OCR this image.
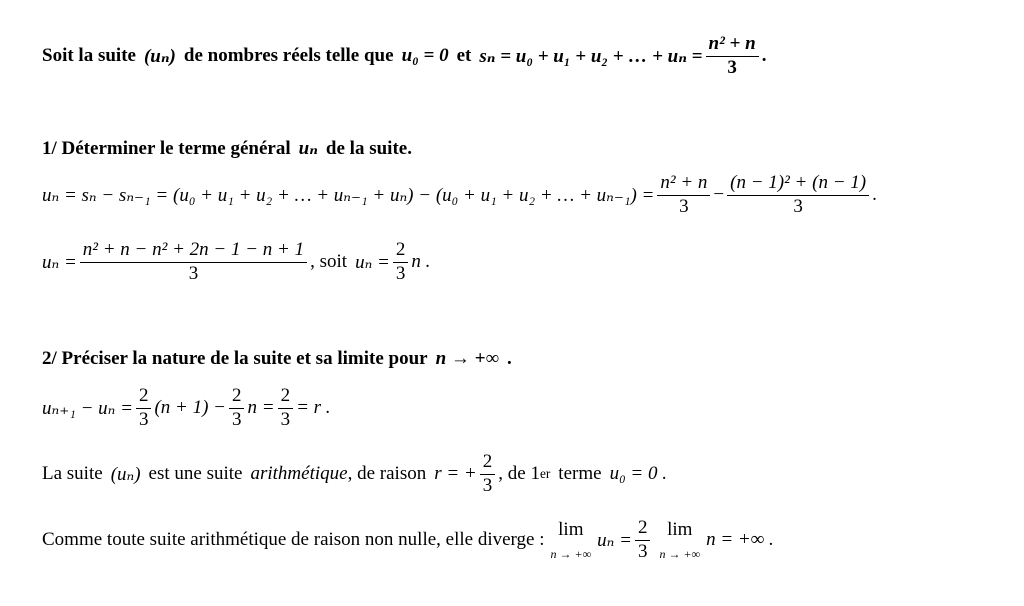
Soit la suite (uₙ) de nombres réels telle que u₀ = 0 et sₙ = u₀ + u₁ + u₂ + … + $u_n = \frac{\text{n² + n}}{3}$ .
1/ Déterminer le terme général uₙ de la suite.
uₙ = sₙ − sₙ₋₁ = (u₀ + u₁ + u₂ + … + uₙ₋₁ + uₙ) − (u₀ + u₁ + u₂ + … + $u_{n-1}) = \frac{\text{n² + n}}{3} - \frac{\text{(n − 1)² + (n − 1)}}{3}$ .
$u_n = \frac{\text{n² + n − n² + 2n − 1 − n + 1}}{3}$ , soit $u_n = \frac{2}{3}$ n .
2/ Préciser la nature de la suite et sa limite pour n → +∞ .
$u_{n+1} - u_n = \frac{2}{3} (n + 1) - \frac{2}{3}$ $n = \frac{2}{3} = r$ .
La suite (uₙ) est une suite arithmétique , de raison r = + $\frac{2}{3}$ , de 1 er terme u₀ = 0 .
Comme toute suite arithmétique de raison non nulle, elle diverge : lim
n → +∞
$u_n = \frac{2}{3}$ lim
n → +∞
n = +∞ .
